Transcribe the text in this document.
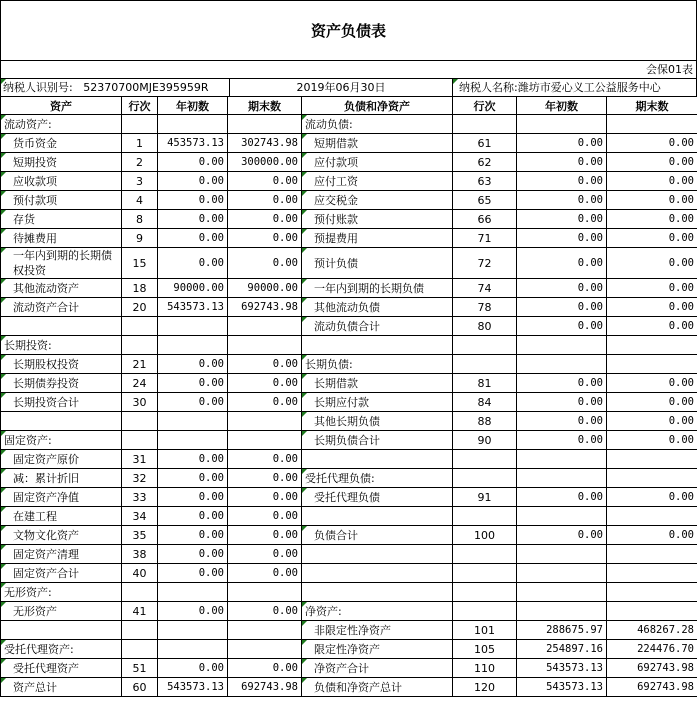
资产负债表
会保01表
纳税人识别号: 52370700MJE395959R	2019年06月30日	纳税人名称:潍坊市爱心义工公益服务中心
资产	行次	年初数	期末数	负债和净资产	行次	年初数	期末数
流动资产:				流动负债:			
货币资金	1	453573.13	302743.98	短期借款	61	0.00	0.00
短期投资	2	0.00	300000.00	应付款项	62	0.00	0.00
应收款项	3	0.00	0.00	应付工资	63	0.00	0.00
预付款项	4	0.00	0.00	应交税金	65	0.00	0.00
存货	8	0.00	0.00	预付账款	66	0.00	0.00
待摊费用	9	0.00	0.00	预提费用	71	0.00	0.00
一年内到期的长期债权投资	15	0.00	0.00	预计负债	72	0.00	0.00
其他流动资产	18	90000.00	90000.00	一年内到期的长期负债	74	0.00	0.00
流动资产合计	20	543573.13	692743.98	其他流动负债	78	0.00	0.00
				流动负债合计	80	0.00	0.00
长期投资:							
长期股权投资	21	0.00	0.00	长期负债:			
长期债券投资	24	0.00	0.00	长期借款	81	0.00	0.00
长期投资合计	30	0.00	0.00	长期应付款	84	0.00	0.00
				其他长期负债	88	0.00	0.00
固定资产:				长期负债合计	90	0.00	0.00
固定资产原价	31	0.00	0.00				
减：累计折旧	32	0.00	0.00	受托代理负债:			
固定资产净值	33	0.00	0.00	受托代理负债	91	0.00	0.00
在建工程	34	0.00	0.00				
文物文化资产	35	0.00	0.00	负债合计	100	0.00	0.00
固定资产清理	38	0.00	0.00				
固定资产合计	40	0.00	0.00				
无形资产:							
无形资产	41	0.00	0.00	净资产:			
				非限定性净资产	101	288675.97	468267.28
受托代理资产:				限定性净资产	105	254897.16	224476.70
受托代理资产	51	0.00	0.00	净资产合计	110	543573.13	692743.98
资产总计	60	543573.13	692743.98	负债和净资产总计	120	543573.13	692743.98
